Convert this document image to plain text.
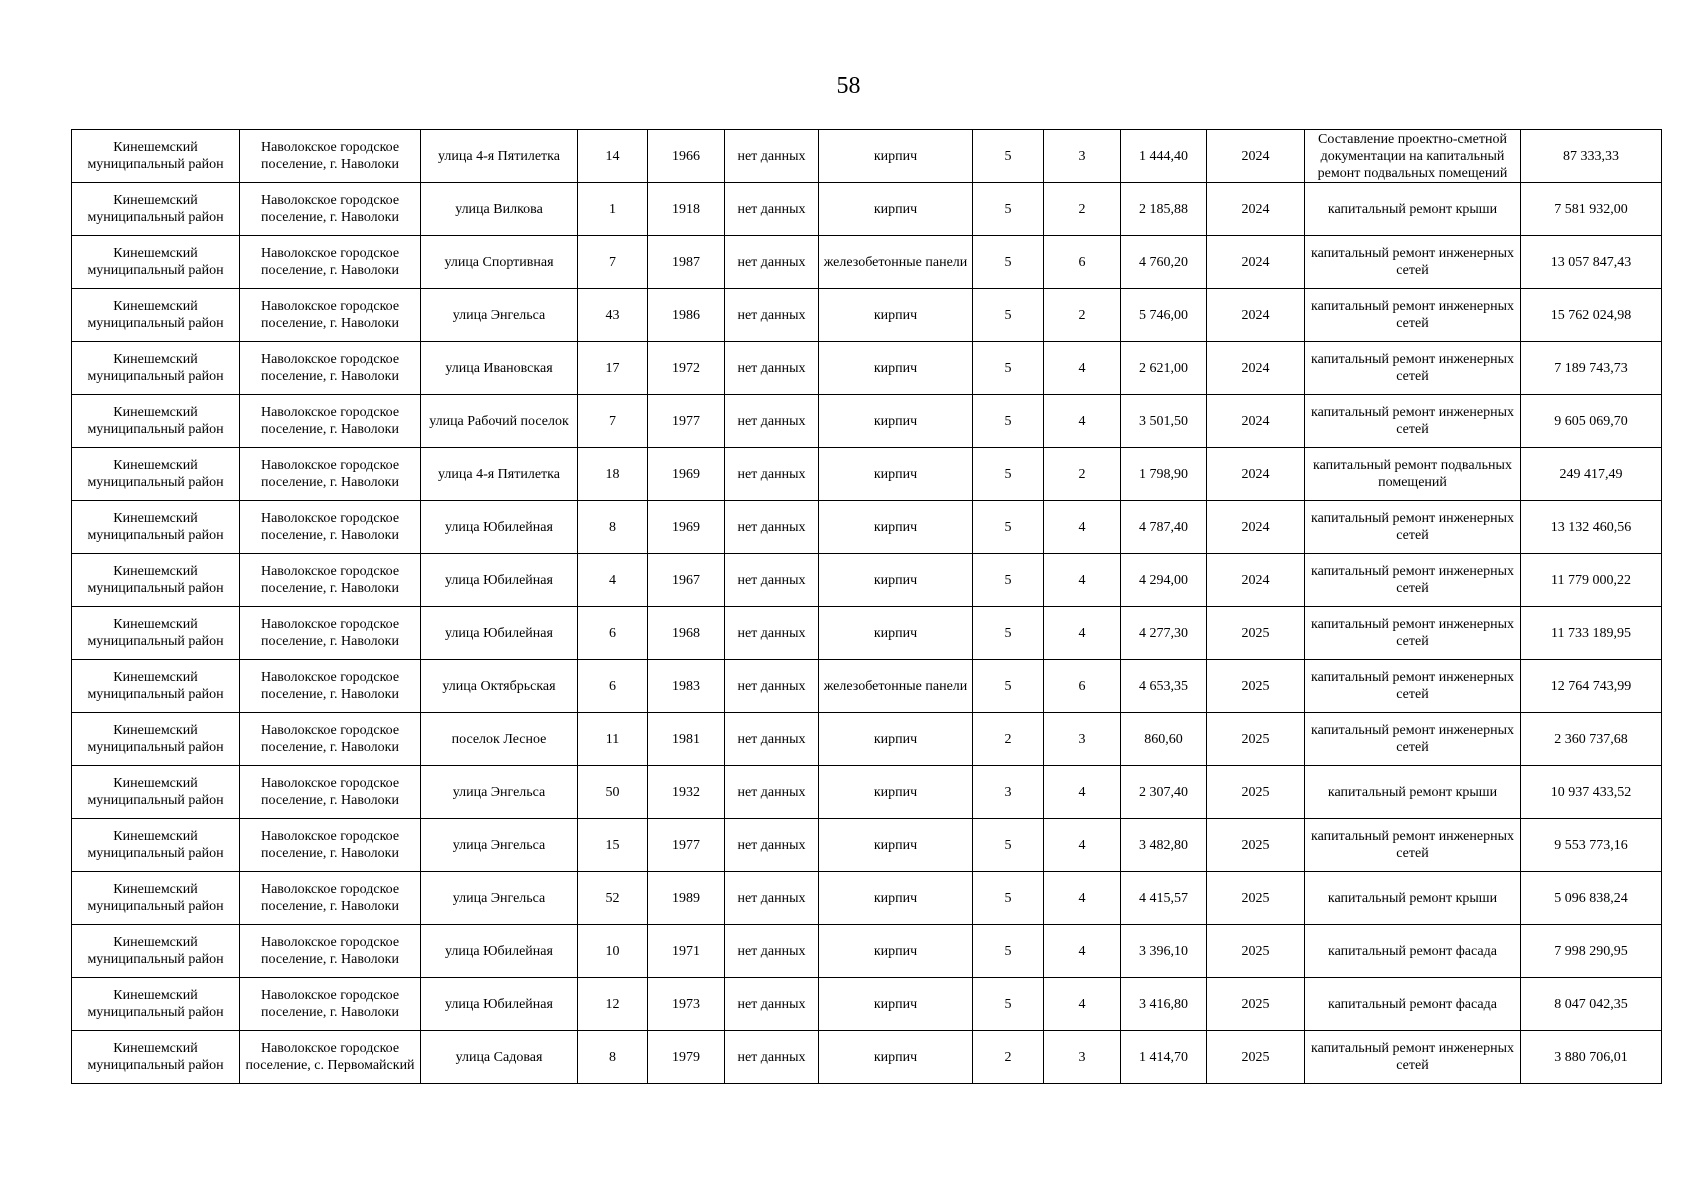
58
Кинешемский муниципальный район	Наволокское городское поселение, г. Наволоки	улица 4-я Пятилетка	14	1966	нет данных	кирпич	5	3	1 444,40	2024	Составление проектно-сметной документации на капитальный ремонт подвальных помещений	87 333,33
Кинешемский муниципальный район	Наволокское городское поселение, г. Наволоки	улица Вилкова	1	1918	нет данных	кирпич	5	2	2 185,88	2024	капитальный ремонт крыши	7 581 932,00
Кинешемский муниципальный район	Наволокское городское поселение, г. Наволоки	улица Спортивная	7	1987	нет данных	железобетонные панели	5	6	4 760,20	2024	капитальный ремонт инженерных сетей	13 057 847,43
Кинешемский муниципальный район	Наволокское городское поселение, г. Наволоки	улица Энгельса	43	1986	нет данных	кирпич	5	2	5 746,00	2024	капитальный ремонт инженерных сетей	15 762 024,98
Кинешемский муниципальный район	Наволокское городское поселение, г. Наволоки	улица Ивановская	17	1972	нет данных	кирпич	5	4	2 621,00	2024	капитальный ремонт инженерных сетей	7 189 743,73
Кинешемский муниципальный район	Наволокское городское поселение, г. Наволоки	улица Рабочий поселок	7	1977	нет данных	кирпич	5	4	3 501,50	2024	капитальный ремонт инженерных сетей	9 605 069,70
Кинешемский муниципальный район	Наволокское городское поселение, г. Наволоки	улица 4-я Пятилетка	18	1969	нет данных	кирпич	5	2	1 798,90	2024	капитальный ремонт подвальных помещений	249 417,49
Кинешемский муниципальный район	Наволокское городское поселение, г. Наволоки	улица Юбилейная	8	1969	нет данных	кирпич	5	4	4 787,40	2024	капитальный ремонт инженерных сетей	13 132 460,56
Кинешемский муниципальный район	Наволокское городское поселение, г. Наволоки	улица Юбилейная	4	1967	нет данных	кирпич	5	4	4 294,00	2024	капитальный ремонт инженерных сетей	11 779 000,22
Кинешемский муниципальный район	Наволокское городское поселение, г. Наволоки	улица Юбилейная	6	1968	нет данных	кирпич	5	4	4 277,30	2025	капитальный ремонт инженерных сетей	11 733 189,95
Кинешемский муниципальный район	Наволокское городское поселение, г. Наволоки	улица Октябрьская	6	1983	нет данных	железобетонные панели	5	6	4 653,35	2025	капитальный ремонт инженерных сетей	12 764 743,99
Кинешемский муниципальный район	Наволокское городское поселение, г. Наволоки	поселок Лесное	11	1981	нет данных	кирпич	2	3	860,60	2025	капитальный ремонт инженерных сетей	2 360 737,68
Кинешемский муниципальный район	Наволокское городское поселение, г. Наволоки	улица Энгельса	50	1932	нет данных	кирпич	3	4	2 307,40	2025	капитальный ремонт крыши	10 937 433,52
Кинешемский муниципальный район	Наволокское городское поселение, г. Наволоки	улица Энгельса	15	1977	нет данных	кирпич	5	4	3 482,80	2025	капитальный ремонт инженерных сетей	9 553 773,16
Кинешемский муниципальный район	Наволокское городское поселение, г. Наволоки	улица Энгельса	52	1989	нет данных	кирпич	5	4	4 415,57	2025	капитальный ремонт крыши	5 096 838,24
Кинешемский муниципальный район	Наволокское городское поселение, г. Наволоки	улица Юбилейная	10	1971	нет данных	кирпич	5	4	3 396,10	2025	капитальный ремонт фасада	7 998 290,95
Кинешемский муниципальный район	Наволокское городское поселение, г. Наволоки	улица Юбилейная	12	1973	нет данных	кирпич	5	4	3 416,80	2025	капитальный ремонт фасада	8 047 042,35
Кинешемский муниципальный район	Наволокское городское поселение, с. Первомайский	улица Садовая	8	1979	нет данных	кирпич	2	3	1 414,70	2025	капитальный ремонт инженерных сетей	3 880 706,01
